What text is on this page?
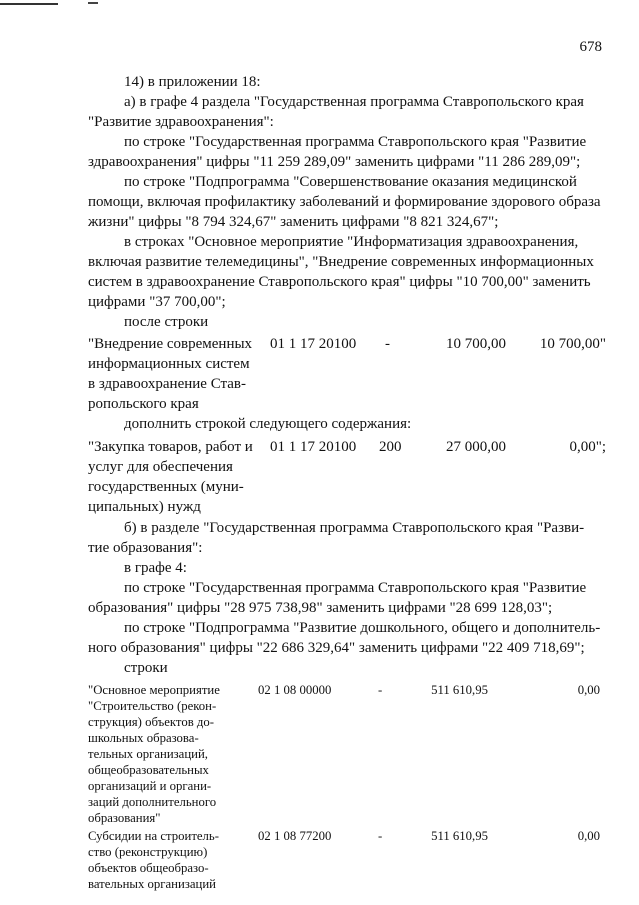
678
14) в приложении 18:
а) в графе 4 раздела "Государственная программа Ставропольского края
"Развитие здравоохранения":
по строке "Государственная программа Ставропольского края "Развитие
здравоохранения" цифры "11 259 289,09" заменить цифрами "11 286 289,09";
по строке "Подпрограмма "Совершенствование оказания медицинской
помощи, включая профилактику заболеваний и формирование здорового образа
жизни" цифры "8 794 324,67" заменить цифрами "8 821 324,67";
в строках "Основное мероприятие "Информатизация здравоохранения,
включая развитие телемедицины", "Внедрение современных информационных
систем в здравоохранение Ставропольского края" цифры "10 700,00" заменить
цифрами "37 700,00";
после строки
"Внедрение современных
информационных систем
в здравоохранение Став-
ропольского края
01 1 17 20100 -	10 700,00	10 700,00"
дополнить строкой следующего содержания:
"Закупка товаров, работ и
услуг для обеспечения
государственных (муни-
ципальных) нужд
01 1 17 20100 200	27 000,00	0,00";
б) в разделе "Государственная программа Ставропольского края "Разви-
тие образования":
в графе 4:
по строке "Государственная программа Ставропольского края "Развитие
образования" цифры "28 975 738,98" заменить цифрами "28 699 128,03";
по строке "Подпрограмма "Развитие дошкольного, общего и дополнитель-
ного образования" цифры "22 686 329,64" заменить цифрами "22 409 718,69";
строки
"Основное мероприятие
"Строительство (рекон-
струкция) объектов до-
школьных образова-
тельных организаций,
общеобразовательных
организаций и органи-
заций дополнительного
образования"
02 1 08 00000	-	511 610,95	0,00
Субсидии на строитель-
ство (реконструкцию)
объектов общеобразо-
вательных организаций
02 1 08 77200	-	511 610,95	0,00
